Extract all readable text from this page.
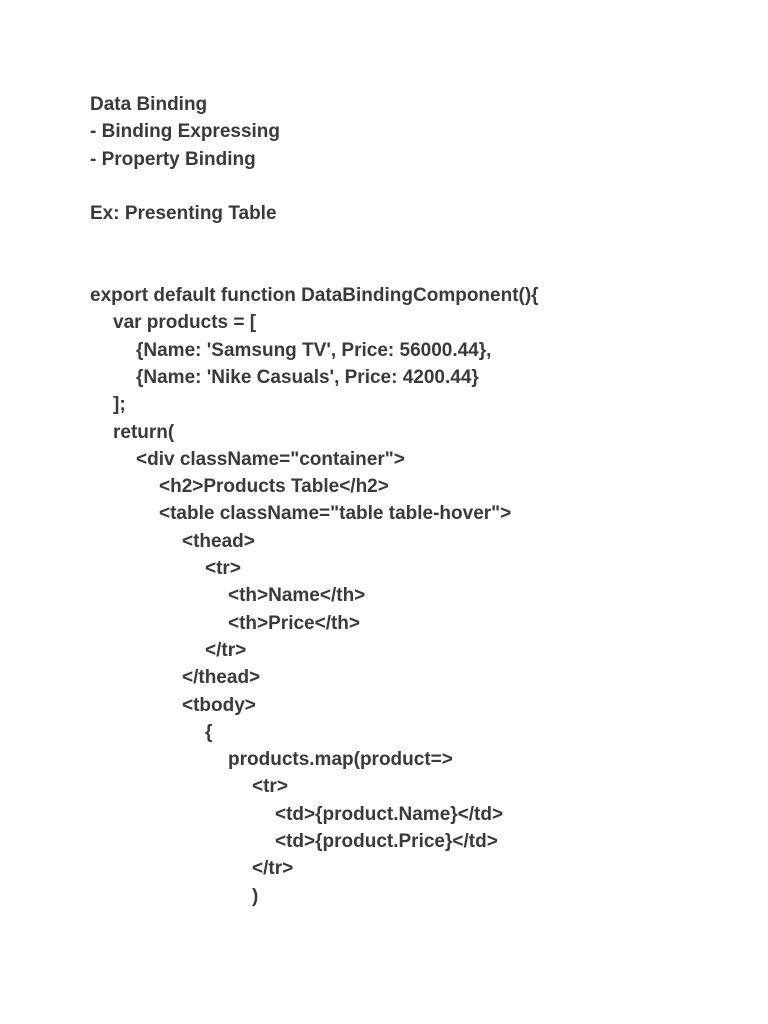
Data Binding
- Binding Expressing
- Property Binding
Ex: Presenting Table
export default function DataBindingComponent(){
var products = [
{Name: 'Samsung TV', Price: 56000.44},
{Name: 'Nike Casuals', Price: 4200.44}
];
return(
<div className="container">
<h2>Products Table</h2>
<table className="table table-hover">
<thead>
<tr>
<th>Name</th>
<th>Price</th>
</tr>
</thead>
<tbody>
{
products.map(product=>
<tr>
<td>{product.Name}</td>
<td>{product.Price}</td>
</tr>
)
